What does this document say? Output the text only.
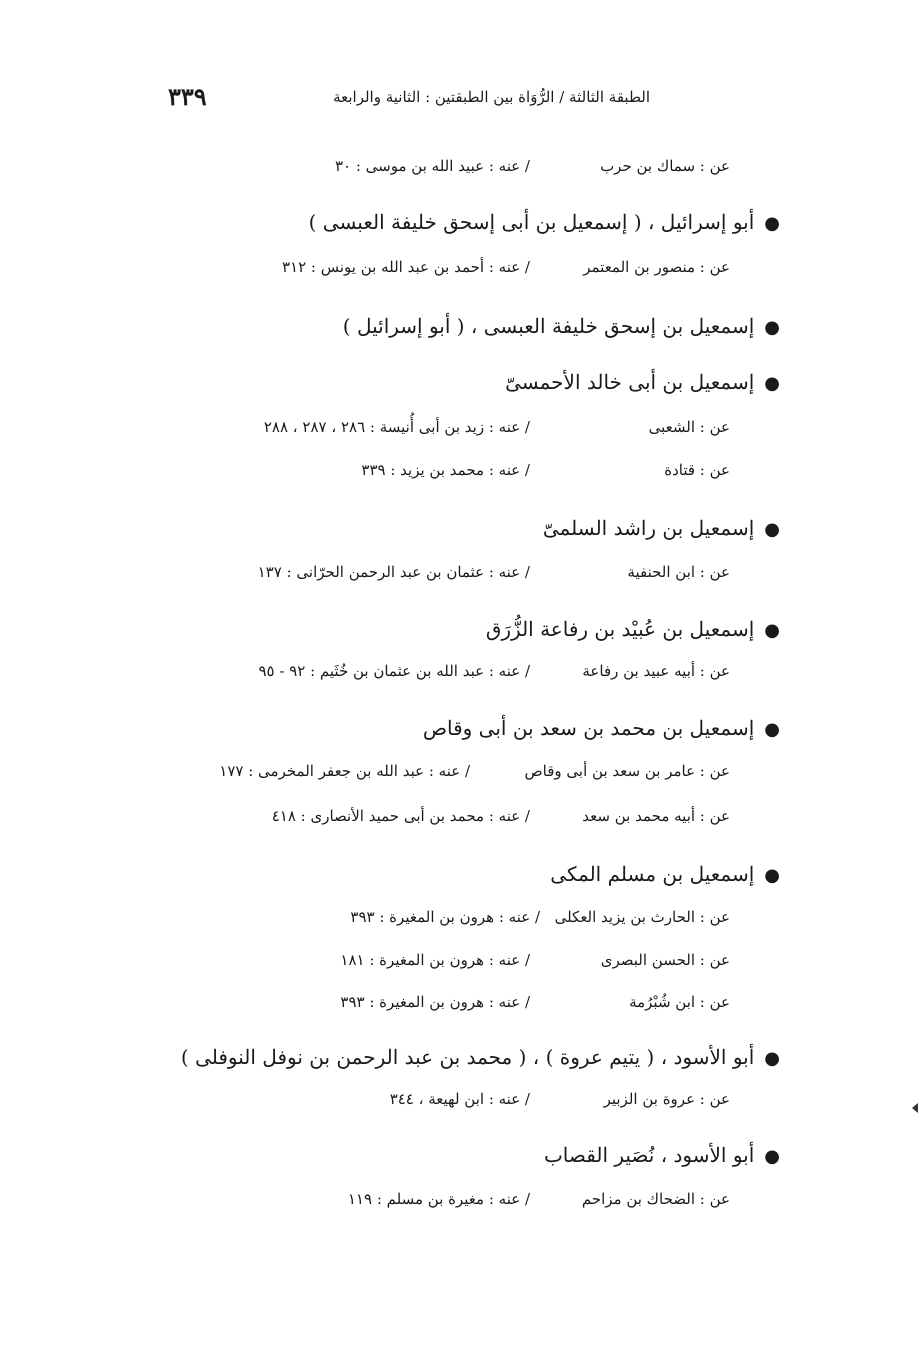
٣٣٩	الطبقة الثالثة / الرُّوَاة بين الطبقتين : الثانية والرابعة
عن : سماك بن حرب
/ عنه : عبيد الله بن موسى : ٣٠
●أبو إسرائيل ، ( إسمعيل بن أبى إسحق خليفة العبسى )
عن : منصور بن المعتمر
/ عنه : أحمد بن عبد الله بن يونس : ٣١٢
●إسمعيل بن إسحق خليفة العبسى ، ( أبو إسرائيل )
●إسمعيل بن أبى خالد الأحمسىّ
عن : الشعبى
/ عنه : زيد بن أبى أُنيسة : ٢٨٦ ، ٢٨٧ ، ٢٨٨
عن : قتادة
/ عنه : محمد بن يزيد : ٣٣٩
●إسمعيل بن راشد السلمىّ
عن : ابن الحنفية
/ عنه : عثمان بن عبد الرحمن الحرّانى : ١٣٧
●إسمعيل بن عُبيْد بن رفاعة الزُّرَق
عن : أبيه عبيد بن رفاعة
/ عنه : عبد الله بن عثمان بن خُثَيم : ٩٢ - ٩٥
●إسمعيل بن محمد بن سعد بن أبى وقاص
عن : عامر بن سعد بن أبى وقاص
/ عنه : عبد الله بن جعفر المخرمى : ١٧٧
عن : أبيه محمد بن سعد
/ عنه : محمد بن أبى حميد الأنصارى : ٤١٨
●إسمعيل بن مسلم المكى
عن : الحارث بن يزيد العكلى
/ عنه : هرون بن المغيرة : ٣٩٣
عن : الحسن البصرى
/ عنه : هرون بن المغيرة : ١٨١
عن : ابن شُبْرُمة
/ عنه : هرون بن المغيرة : ٣٩٣
●أبو الأسود ، ( يتيم عروة ) ، ( محمد بن عبد الرحمن بن نوفل النوفلى )
عن : عروة بن الزبير
/ عنه : ابن لهيعة ، ٣٤٤
●أبو الأسود ، نُصَير القصاب
عن : الضحاك بن مزاحم
/ عنه : مغيرة بن مسلم : ١١٩
